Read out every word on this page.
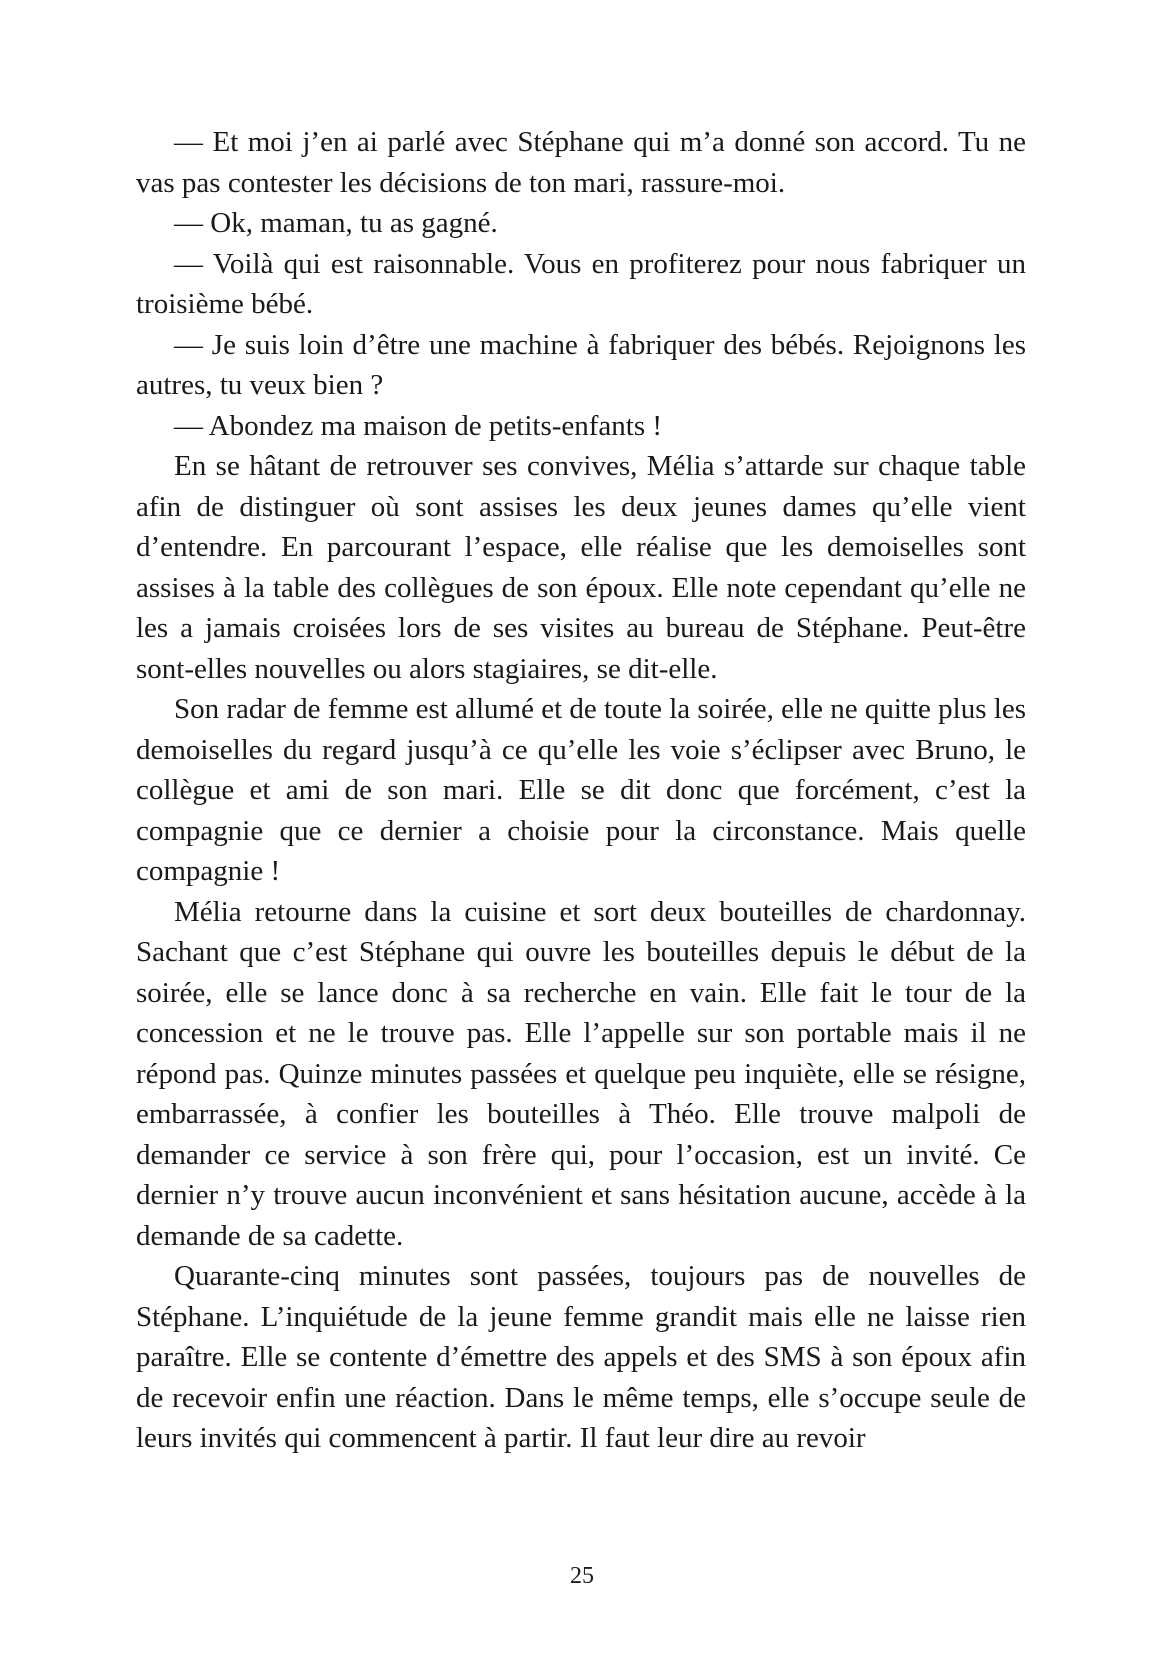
— Et moi j’en ai parlé avec Stéphane qui m’a donné son accord. Tu ne vas pas contester les décisions de ton mari, rassure-moi.

— Ok, maman, tu as gagné.

— Voilà qui est raisonnable. Vous en profiterez pour nous fabriquer un troisième bébé.

— Je suis loin d’être une machine à fabriquer des bébés. Rejoignons les autres, tu veux bien ?

— Abondez ma maison de petits-enfants !

En se hâtant de retrouver ses convives, Mélia s’attarde sur chaque table afin de distinguer où sont assises les deux jeunes dames qu’elle vient d’entendre. En parcourant l’espace, elle réalise que les demoiselles sont assises à la table des collègues de son époux. Elle note cependant qu’elle ne les a jamais croisées lors de ses visites au bureau de Stéphane. Peut-être sont-elles nouvelles ou alors stagiaires, se dit-elle.

Son radar de femme est allumé et de toute la soirée, elle ne quitte plus les demoiselles du regard jusqu’à ce qu’elle les voie s’éclipser avec Bruno, le collègue et ami de son mari. Elle se dit donc que forcément, c’est la compagnie que ce dernier a choisie pour la circonstance. Mais quelle compagnie !

Mélia retourne dans la cuisine et sort deux bouteilles de chardonnay. Sachant que c’est Stéphane qui ouvre les bouteilles depuis le début de la soirée, elle se lance donc à sa recherche en vain. Elle fait le tour de la concession et ne le trouve pas. Elle l’appelle sur son portable mais il ne répond pas. Quinze minutes passées et quelque peu inquiète, elle se résigne, embarrassée, à confier les bouteilles à Théo. Elle trouve malpoli de demander ce service à son frère qui, pour l’occasion, est un invité. Ce dernier n’y trouve aucun inconvénient et sans hésitation aucune, accède à la demande de sa cadette.

Quarante-cinq minutes sont passées, toujours pas de nouvelles de Stéphane. L’inquiétude de la jeune femme grandit mais elle ne laisse rien paraître. Elle se contente d’émettre des appels et des SMS à son époux afin de recevoir enfin une réaction. Dans le même temps, elle s’occupe seule de leurs invités qui commencent à partir. Il faut leur dire au revoir

25
